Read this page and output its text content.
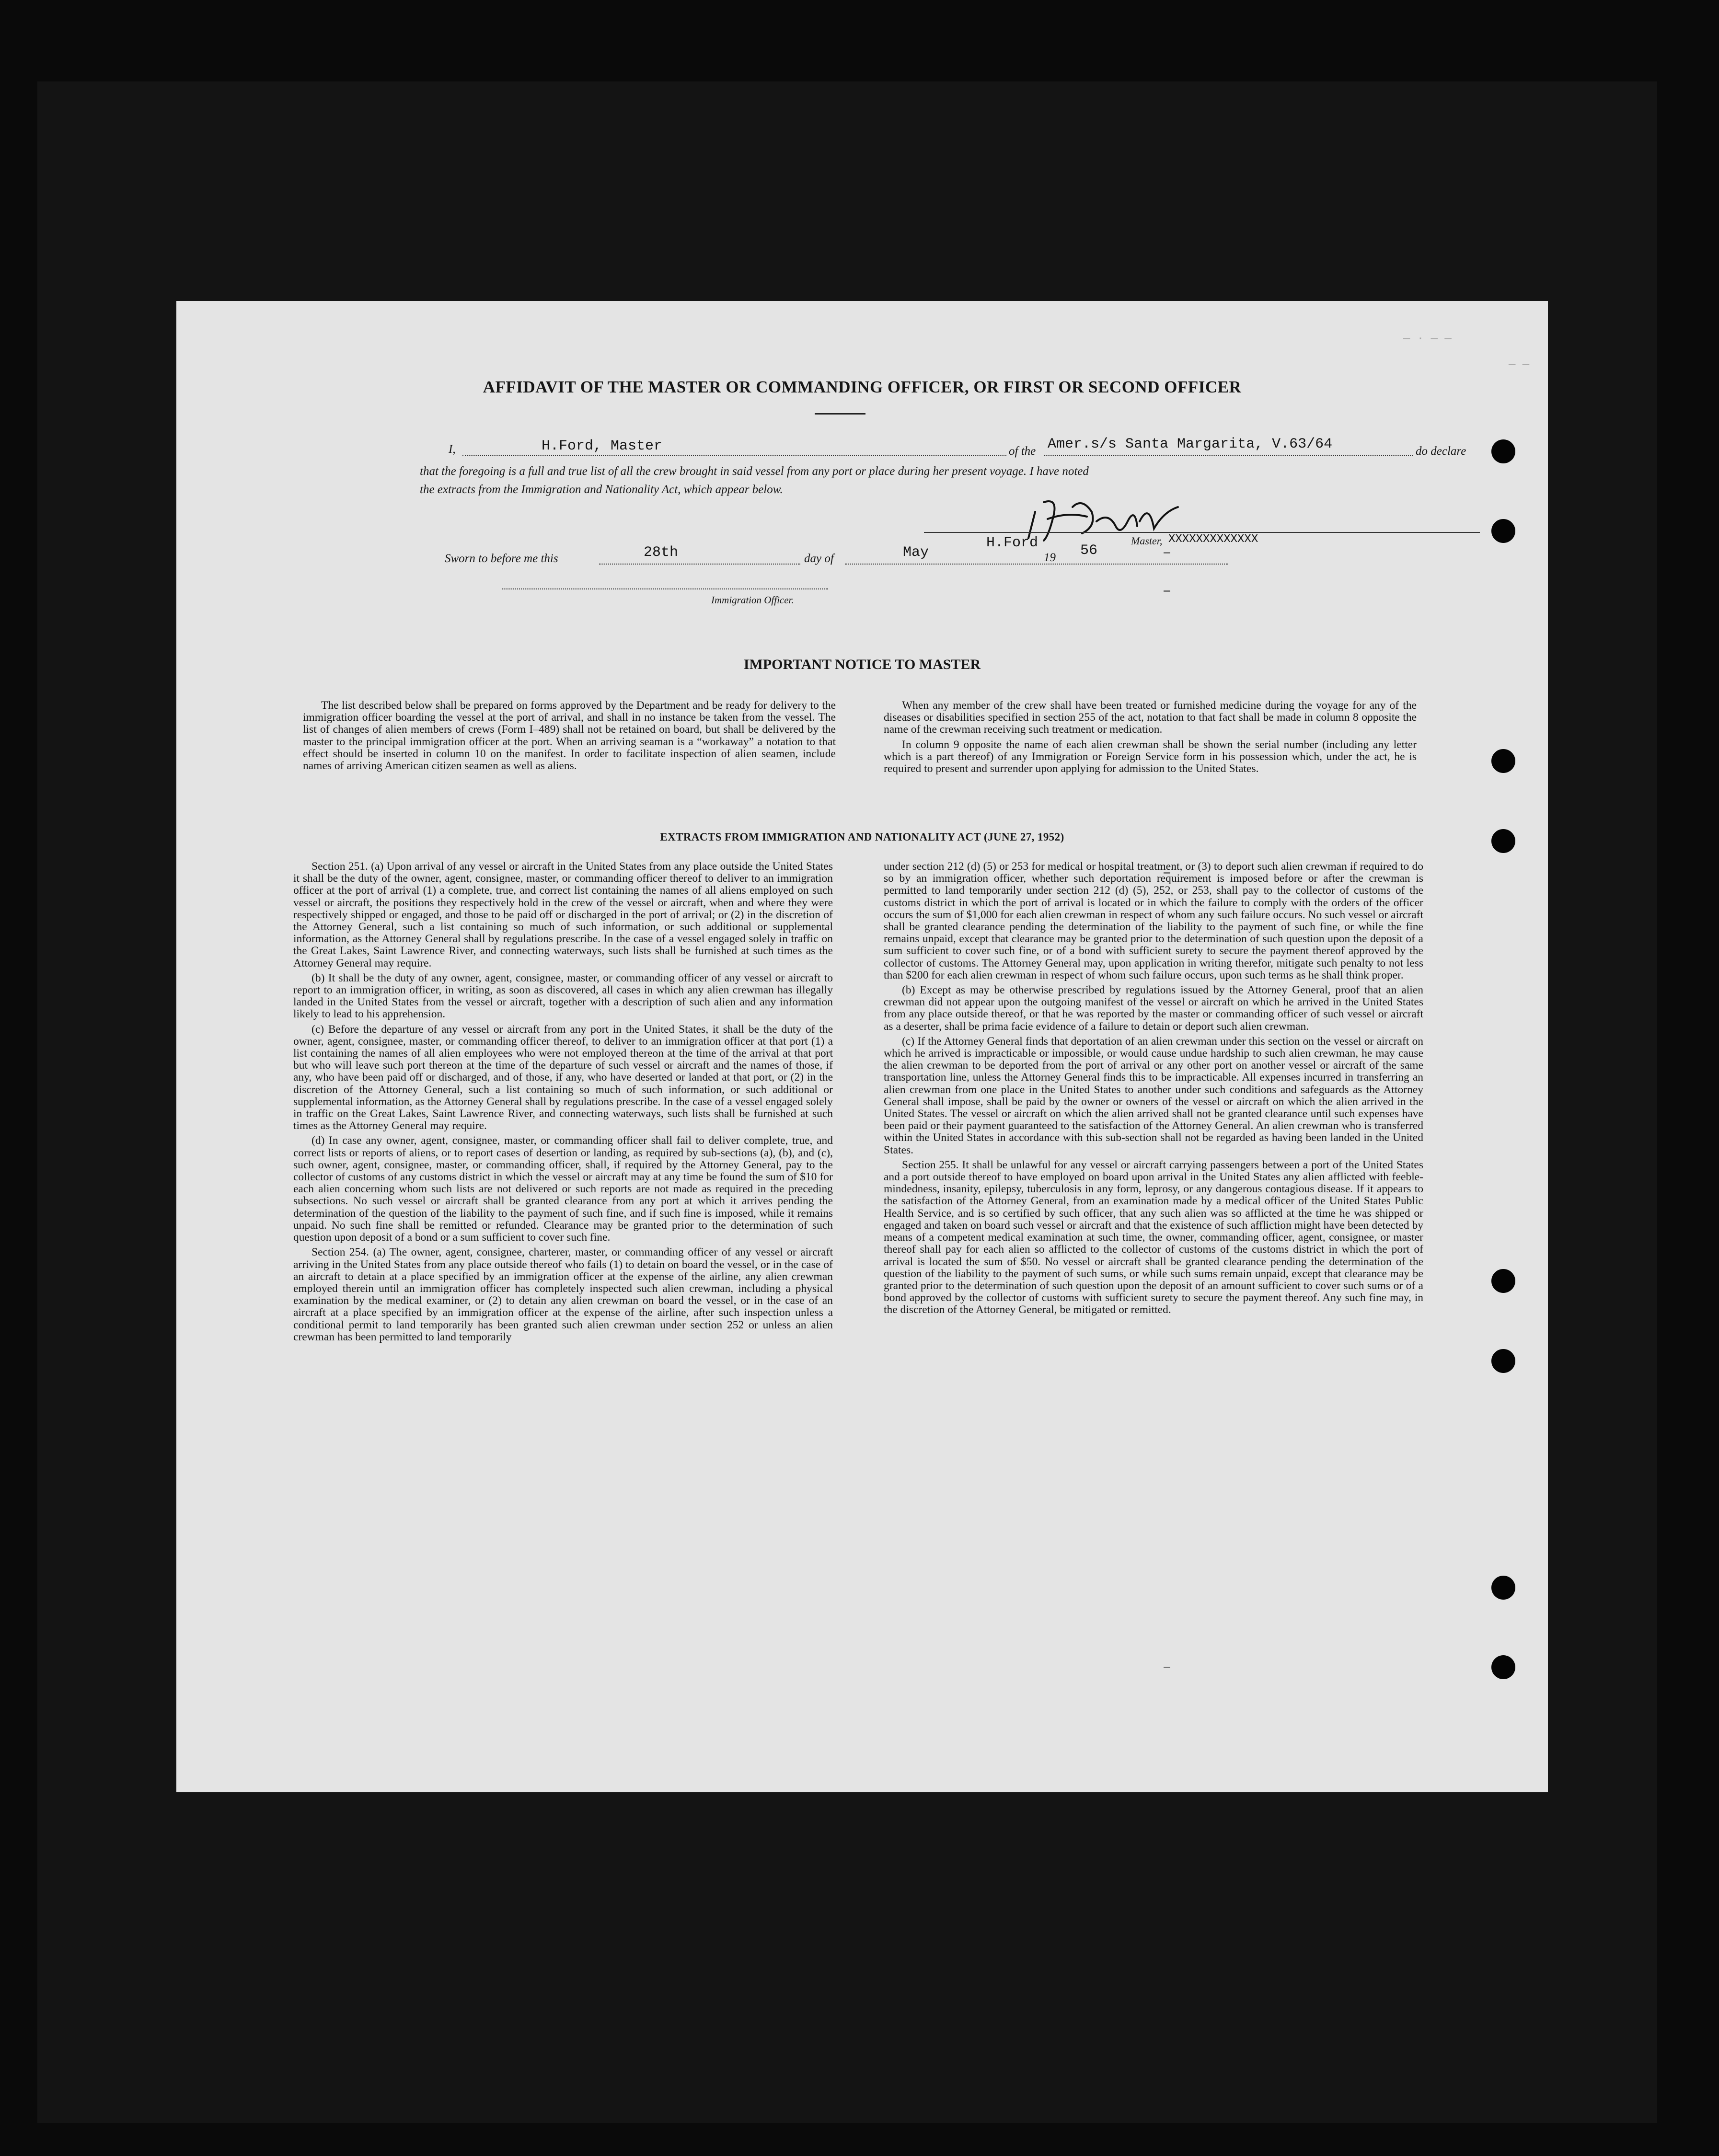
— · — —
— —
AFFIDAVIT OF THE MASTER OR COMMANDING OFFICER, OR FIRST OR SECOND OFFICER
I,	H.Ford, Master	of the Amer.s/s Santa Margarita, V.63/64	do declare
that the foregoing is a full and true list of all the crew brought in said vessel from any port or place during her present voyage. I have noted
the extracts from the Immigration and Nationality Act, which appear below.
Sworn to before me this	28th	day of	May
H.Ford
19 56
Master, XXXXXXXXXXXXX
Immigration Officer.
IMPORTANT NOTICE TO MASTER

The list described below shall be prepared on forms approved by the Department and be ready for delivery to the immigration officer boarding the vessel at the port of arrival, and shall in no instance be taken from the vessel. The list of changes of alien members of crews (Form I–489) shall not be retained on board, but shall be delivered by the master to the principal immigration officer at the port. When an arriving seaman is a “workaway” a notation to that effect should be inserted in column 10 on the manifest. In order to facilitate inspection of alien seamen, include names of arriving American citizen seamen as well as aliens.

When any member of the crew shall have been treated or furnished medicine during the voyage for any of the diseases or disabilities specified in section 255 of the act, notation to that fact shall be made in column 8 opposite the name of the crewman receiving such treatment or medication.

In column 9 opposite the name of each alien crewman shall be shown the serial number (including any letter which is a part thereof) of any Immigration or Foreign Service form in his possession which, under the act, he is required to present and surrender upon applying for admission to the United States.

EXTRACTS FROM IMMIGRATION AND NATIONALITY ACT (JUNE 27, 1952)

Section 251. (a) Upon arrival of any vessel or aircraft in the United States from any place outside the United States it shall be the duty of the owner, agent, consignee, master, or commanding officer thereof to deliver to an immigration officer at the port of arrival (1) a complete, true, and correct list containing the names of all aliens employed on such vessel or aircraft, the positions they respectively hold in the crew of the vessel or aircraft, when and where they were respectively shipped or engaged, and those to be paid off or discharged in the port of arrival; or (2) in the discretion of the Attorney General, such a list containing so much of such information, or such additional or supplemental information, as the Attorney General shall by regulations prescribe. In the case of a vessel engaged solely in traffic on the Great Lakes, Saint Lawrence River, and connecting waterways, such lists shall be furnished at such times as the Attorney General may require.

(b) It shall be the duty of any owner, agent, consignee, master, or commanding officer of any vessel or aircraft to report to an immigration officer, in writing, as soon as discovered, all cases in which any alien crewman has illegally landed in the United States from the vessel or aircraft, together with a description of such alien and any information likely to lead to his apprehension.

(c) Before the departure of any vessel or aircraft from any port in the United States, it shall be the duty of the owner, agent, consignee, master, or commanding officer thereof, to deliver to an immigration officer at that port (1) a list containing the names of all alien employees who were not employed thereon at the time of the arrival at that port but who will leave such port thereon at the time of the departure of such vessel or aircraft and the names of those, if any, who have been paid off or discharged, and of those, if any, who have deserted or landed at that port, or (2) in the discretion of the Attorney General, such a list containing so much of such information, or such additional or supplemental information, as the Attorney General shall by regulations prescribe. In the case of a vessel engaged solely in traffic on the Great Lakes, Saint Lawrence River, and connecting waterways, such lists shall be furnished at such times as the Attorney General may require.

(d) In case any owner, agent, consignee, master, or commanding officer shall fail to deliver complete, true, and correct lists or reports of aliens, or to report cases of desertion or landing, as required by sub-sections (a), (b), and (c), such owner, agent, consignee, master, or commanding officer, shall, if required by the Attorney General, pay to the collector of customs of any customs district in which the vessel or aircraft may at any time be found the sum of $10 for each alien concerning whom such lists are not delivered or such reports are not made as required in the preceding subsections. No such vessel or aircraft shall be granted clearance from any port at which it arrives pending the determination of the question of the liability to the payment of such fine, and if such fine is imposed, while it remains unpaid. No such fine shall be remitted or refunded. Clearance may be granted prior to the determination of such question upon deposit of a bond or a sum sufficient to cover such fine.

Section 254. (a) The owner, agent, consignee, charterer, master, or commanding officer of any vessel or aircraft arriving in the United States from any place outside thereof who fails (1) to detain on board the vessel, or in the case of an aircraft to detain at a place specified by an immigration officer at the expense of the airline, any alien crewman employed therein until an immigration officer has completely inspected such alien crewman, including a physical examination by the medical examiner, or (2) to detain any alien crewman on board the vessel, or in the case of an aircraft at a place specified by an immigration officer at the expense of the airline, after such inspection unless a conditional permit to land temporarily has been granted such alien crewman under section 252 or unless an alien crewman has been permitted to land temporarily

under section 212 (d) (5) or 253 for medical or hospital treatment, or (3) to deport such alien crewman if required to do so by an immigration officer, whether such deportation requirement is imposed before or after the crewman is permitted to land temporarily under section 212 (d) (5), 252, or 253, shall pay to the collector of customs of the customs district in which the port of arrival is located or in which the failure to comply with the orders of the officer occurs the sum of $1,000 for each alien crewman in respect of whom any such failure occurs. No such vessel or aircraft shall be granted clearance pending the determination of the liability to the payment of such fine, or while the fine remains unpaid, except that clearance may be granted prior to the determination of such question upon the deposit of a sum sufficient to cover such fine, or of a bond with sufficient surety to secure the payment thereof approved by the collector of customs. The Attorney General may, upon application in writing therefor, mitigate such penalty to not less than $200 for each alien crewman in respect of whom such failure occurs, upon such terms as he shall think proper.

(b) Except as may be otherwise prescribed by regulations issued by the Attorney General, proof that an alien crewman did not appear upon the outgoing manifest of the vessel or aircraft on which he arrived in the United States from any place outside thereof, or that he was reported by the master or commanding officer of such vessel or aircraft as a deserter, shall be prima facie evidence of a failure to detain or deport such alien crewman.

(c) If the Attorney General finds that deportation of an alien crewman under this section on the vessel or aircraft on which he arrived is impracticable or impossible, or would cause undue hardship to such alien crewman, he may cause the alien crewman to be deported from the port of arrival or any other port on another vessel or aircraft of the same transportation line, unless the Attorney General finds this to be impracticable. All expenses incurred in transferring an alien crewman from one place in the United States to another under such conditions and safeguards as the Attorney General shall impose, shall be paid by the owner or owners of the vessel or aircraft on which the alien arrived in the United States. The vessel or aircraft on which the alien arrived shall not be granted clearance until such expenses have been paid or their payment guaranteed to the satisfaction of the Attorney General. An alien crewman who is transferred within the United States in accordance with this sub-section shall not be regarded as having been landed in the United States.

Section 255. It shall be unlawful for any vessel or aircraft carrying passengers between a port of the United States and a port outside thereof to have employed on board upon arrival in the United States any alien afflicted with feeble-mindedness, insanity, epilepsy, tuberculosis in any form, leprosy, or any dangerous contagious disease. If it appears to the satisfaction of the Attorney General, from an examination made by a medical officer of the United States Public Health Service, and is so certified by such officer, that any such alien was so afflicted at the time he was shipped or engaged and taken on board such vessel or aircraft and that the existence of such affliction might have been detected by means of a competent medical examination at such time, the owner, commanding officer, agent, consignee, or master thereof shall pay for each alien so afflicted to the collector of customs of the customs district in which the port of arrival is located the sum of $50. No vessel or aircraft shall be granted clearance pending the determination of the question of the liability to the payment of such sums, or while such sums remain unpaid, except that clearance may be granted prior to the determination of such question upon the deposit of an amount sufficient to cover such sums or of a bond approved by the collector of customs with sufficient surety to secure the payment thereof. Any such fine may, in the discretion of the Attorney General, be mitigated or remitted.
